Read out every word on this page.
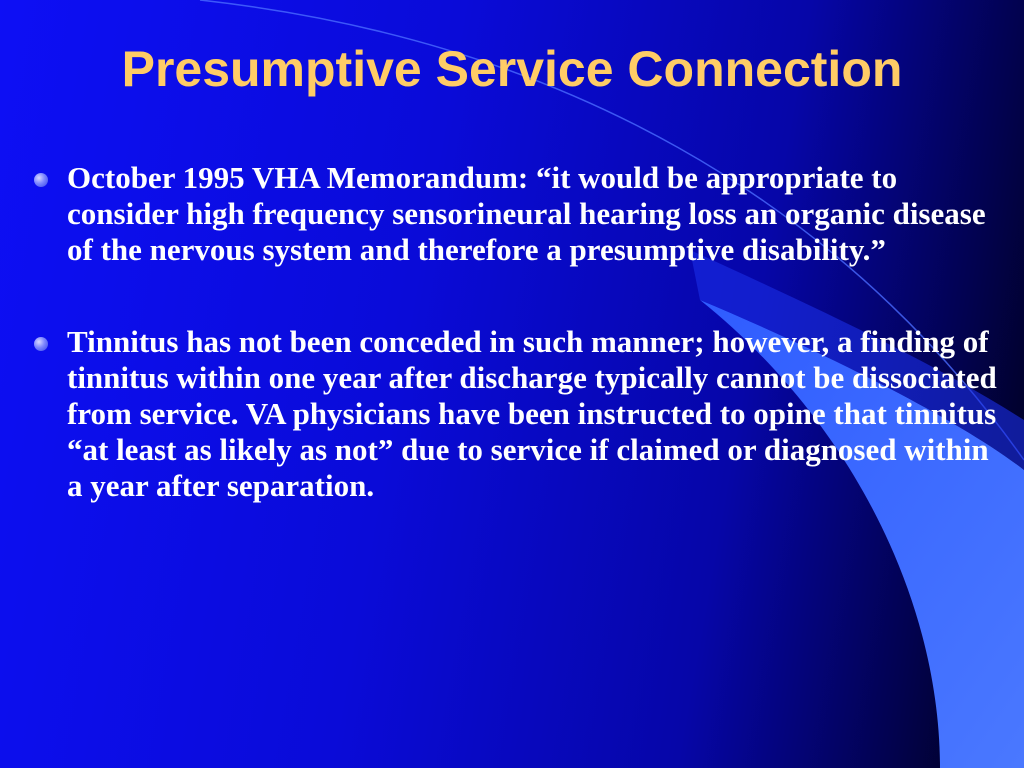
Presumptive Service Connection
October 1995 VHA Memorandum: “it would be appropriate to consider high frequency sensorineural hearing loss an organic disease of the nervous system and therefore a presumptive disability.”
Tinnitus has not been conceded in such manner; however, a finding of tinnitus within one year after discharge typically cannot be dissociated from service. VA physicians have been instructed to opine that tinnitus “at least as likely as not” due to service if claimed or diagnosed within a year after separation.
